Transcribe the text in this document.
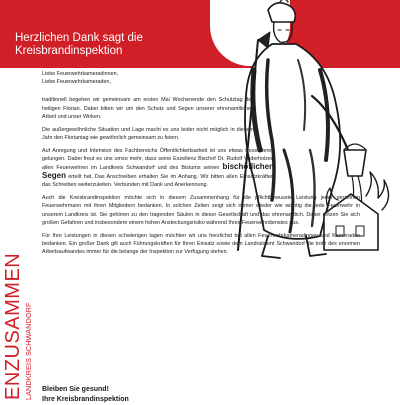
Herzlichen Dank sagt die
Kreisbrandinspektion

Liebe Feuerwehrkameradinnen,
Liebe Feuerwehrkameraden,

traditionell begehen wir gemeinsam am ersten Mai Wochenende den Schutztag des heiligen Florian. Dabei bitten wir um den Schutz und Segen unserer ehrenamtlichen Arbeit und unser Wirken.

Die außergewöhnliche Situation und Lage macht es uns leider nicht möglich in diesem Jahr den Floriantag wie gewöhnlich gemeinsam zu feiern.

Auf Anregung und Intension des Fachbereichs Öffentlichkeitsarbeit ist uns etwas Besonderes gelungen. Dabei freut es uns umso mehr, dass seine Exzellenz Bischof Dr. Rudolf Voderholzer, allen Feuerwehren im Landkreis Schwandorf und des Bistums seinen bischöflichen Segen erteilt hat. Das Anschreiben erhalten Sie im Anhang. Wir bitten allen Einsatzkräften das Schreiben weiterzuleiten. Verbunden mit Dank und Anerkennung.

Auch die Kreisbrandinspektion möchte sich in diesem Zusammenhang für die pflichtbewusste Leistung jeder einzelnen Feuerwehrmann mit Ihren Mitgliedern bedanken. In solchen Zeiten zeigt sich immer wieder wie wichtig die jede Feuerwehr in unserem Landkreis ist. Sie gehören zu den tragenden Säulen in dieser Gesellschaft und das ehrenamtlich. Dabei setzen Sie sich großen Gefahren und insbesondere einem hohen Ansteckungsrisiko während Ihres Feuerwehrdienstes aus.

Für Ihre Leistungen in diesen schwierigen tagen möchten wir uns herzlichst bei allen Feuerwehrkameradinnen und Kameraden bedanken. Ein großer Dank gilt auch Führungskräften für Ihren Einsatz sowie dem Landratsamt Schwandorf die trotz des enormen Arbeitsaufwandes immer für die belange der Inspektion zur Verfügung stehen.

Bleiben Sie gesund!
Ihre Kreisbrandinspektion
ENZUSAMMEN LANDKREIS SCHWANDORF
